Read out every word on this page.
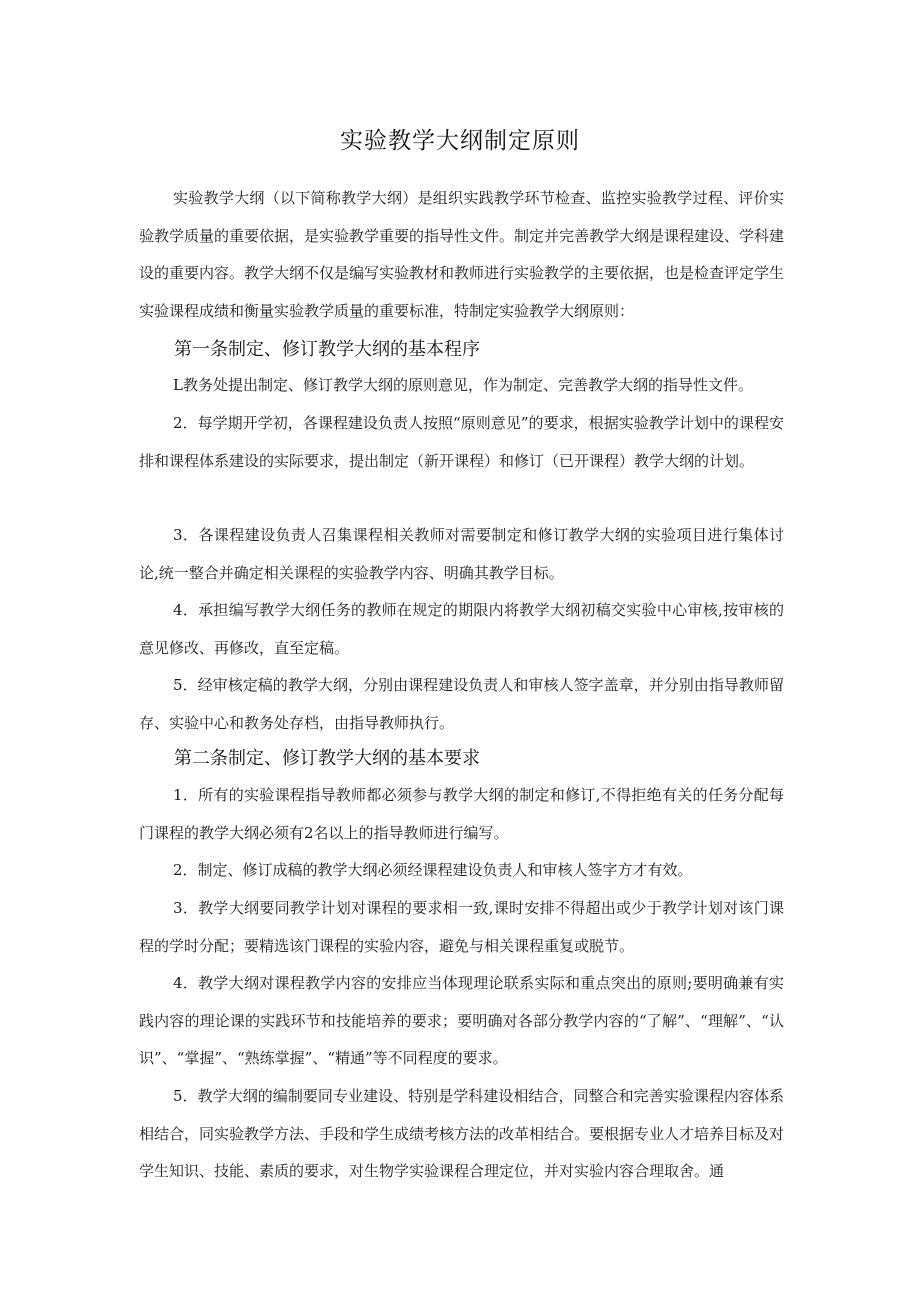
实验教学大纲制定原则

实验教学大纲（以下简称教学大纲）是组织实践教学环节检查、监控实验教学过程、评价实验教学质量的重要依据，是实验教学重要的指导性文件。制定并完善教学大纲是课程建设、学科建设的重要内容。教学大纲不仅是编写实验教材和教师进行实验教学的主要依据，也是检查评定学生实验课程成绩和衡量实验教学质量的重要标准，特制定实验教学大纲原则：

第一条制定、修订教学大纲的基本程序

L教务处提出制定、修订教学大纲的原则意见，作为制定、完善教学大纲的指导性文件。

2．每学期开学初，各课程建设负责人按照“原则意见”的要求，根据实验教学计划中的课程安排和课程体系建设的实际要求，提出制定（新开课程）和修订（已开课程）教学大纲的计划。

3．各课程建设负责人召集课程相关教师对需要制定和修订教学大纲的实验项目进行集体讨论,统一整合并确定相关课程的实验教学内容、明确其教学目标。

4．承担编写教学大纲任务的教师在规定的期限内将教学大纲初稿交实验中心审核,按审核的意见修改、再修改，直至定稿。

5．经审核定稿的教学大纲，分别由课程建设负责人和审核人签字盖章，并分别由指导教师留存、实验中心和教务处存档，由指导教师执行。

第二条制定、修订教学大纲的基本要求

1．所有的实验课程指导教师都必须参与教学大纲的制定和修订,不得拒绝有关的任务分配每门课程的教学大纲必须有2名以上的指导教师进行编写。

2．制定、修订成稿的教学大纲必须经课程建设负责人和审核人签字方才有效。

3．教学大纲要同教学计划对课程的要求相一致,课时安排不得超出或少于教学计划对该门课程的学时分配；要精选该门课程的实验内容，避免与相关课程重复或脱节。

4．教学大纲对课程教学内容的安排应当体现理论联系实际和重点突出的原则;要明确兼有实践内容的理论课的实践环节和技能培养的要求；要明确对各部分教学内容的“了解”、“理解”、“认识”、“掌握”、“熟练掌握”、“精通”等不同程度的要求。

5．教学大纲的编制要同专业建设、特别是学科建设相结合，同整合和完善实验课程内容体系相结合，同实验教学方法、手段和学生成绩考核方法的改革相结合。要根据专业人才培养目标及对学生知识、技能、素质的要求，对生物学实验课程合理定位，并对实验内容合理取舍。通
